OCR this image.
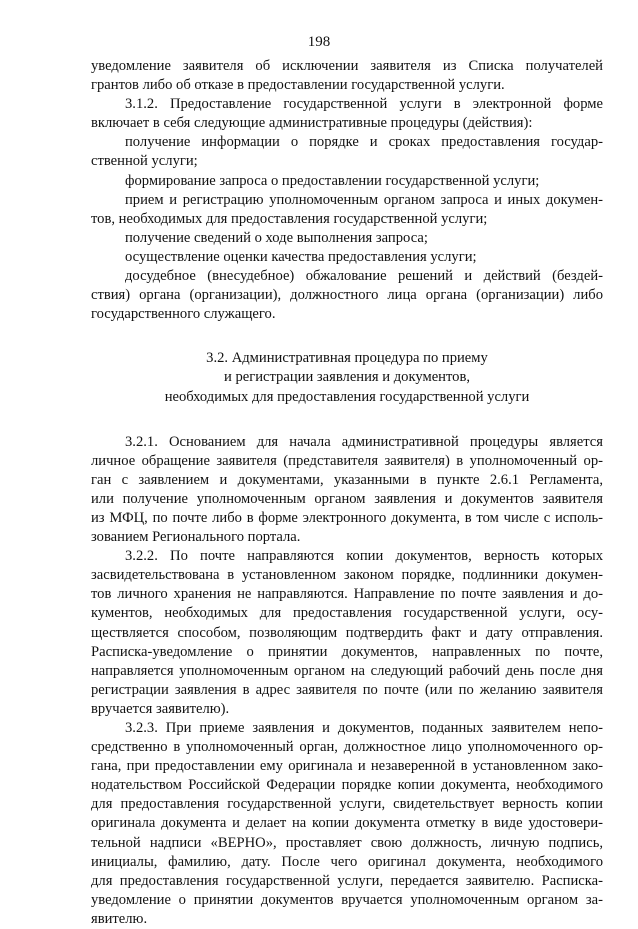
198
уведомление заявителя об исключении заявителя из Списка получателей
грантов либо об отказе в предоставлении государственной услуги.
3.1.2. Предоставление государственной услуги в электронной форме
включает в себя следующие административные процедуры (действия):
получение информации о порядке и сроках предоставления государ-
ственной услуги;
формирование запроса о предоставлении государственной услуги;
прием и регистрацию уполномоченным органом запроса и иных докумен-
тов, необходимых для предоставления государственной услуги;
получение сведений о ходе выполнения запроса;
осуществление оценки качества предоставления услуги;
досудебное (внесудебное) обжалование решений и действий (бездей-
ствия) органа (организации), должностного лица органа (организации) либо
государственного служащего.
3.2. Административная процедура по приему
и регистрации заявления и документов,
необходимых для предоставления государственной услуги
3.2.1. Основанием для начала административной процедуры является
личное обращение заявителя (представителя заявителя) в уполномоченный ор-
ган с заявлением и документами, указанными в пункте 2.6.1 Регламента,
или получение уполномоченным органом заявления и документов заявителя
из МФЦ, по почте либо в форме электронного документа, в том числе с исполь-
зованием Регионального портала.
3.2.2. По почте направляются копии документов, верность которых
засвидетельствована в установленном законом порядке, подлинники докумен-
тов личного хранения не направляются. Направление по почте заявления и до-
кументов, необходимых для предоставления государственной услуги, осу-
ществляется способом, позволяющим подтвердить факт и дату отправления.
Расписка-уведомление о принятии документов, направленных по почте,
направляется уполномоченным органом на следующий рабочий день после дня
регистрации заявления в адрес заявителя по почте (или по желанию заявителя
вручается заявителю).
3.2.3. При приеме заявления и документов, поданных заявителем непо-
средственно в уполномоченный орган, должностное лицо уполномоченного ор-
гана, при предоставлении ему оригинала и незаверенной в установленном зако-
нодательством Российской Федерации порядке копии документа, необходимого
для предоставления государственной услуги, свидетельствует верность копии
оригинала документа и делает на копии документа отметку в виде удостовери-
тельной надписи «ВЕРНО», проставляет свою должность, личную подпись,
инициалы, фамилию, дату. После чего оригинал документа, необходимого
для предоставления государственной услуги, передается заявителю. Расписка-
уведомление о принятии документов вручается уполномоченным органом за-
явителю.
